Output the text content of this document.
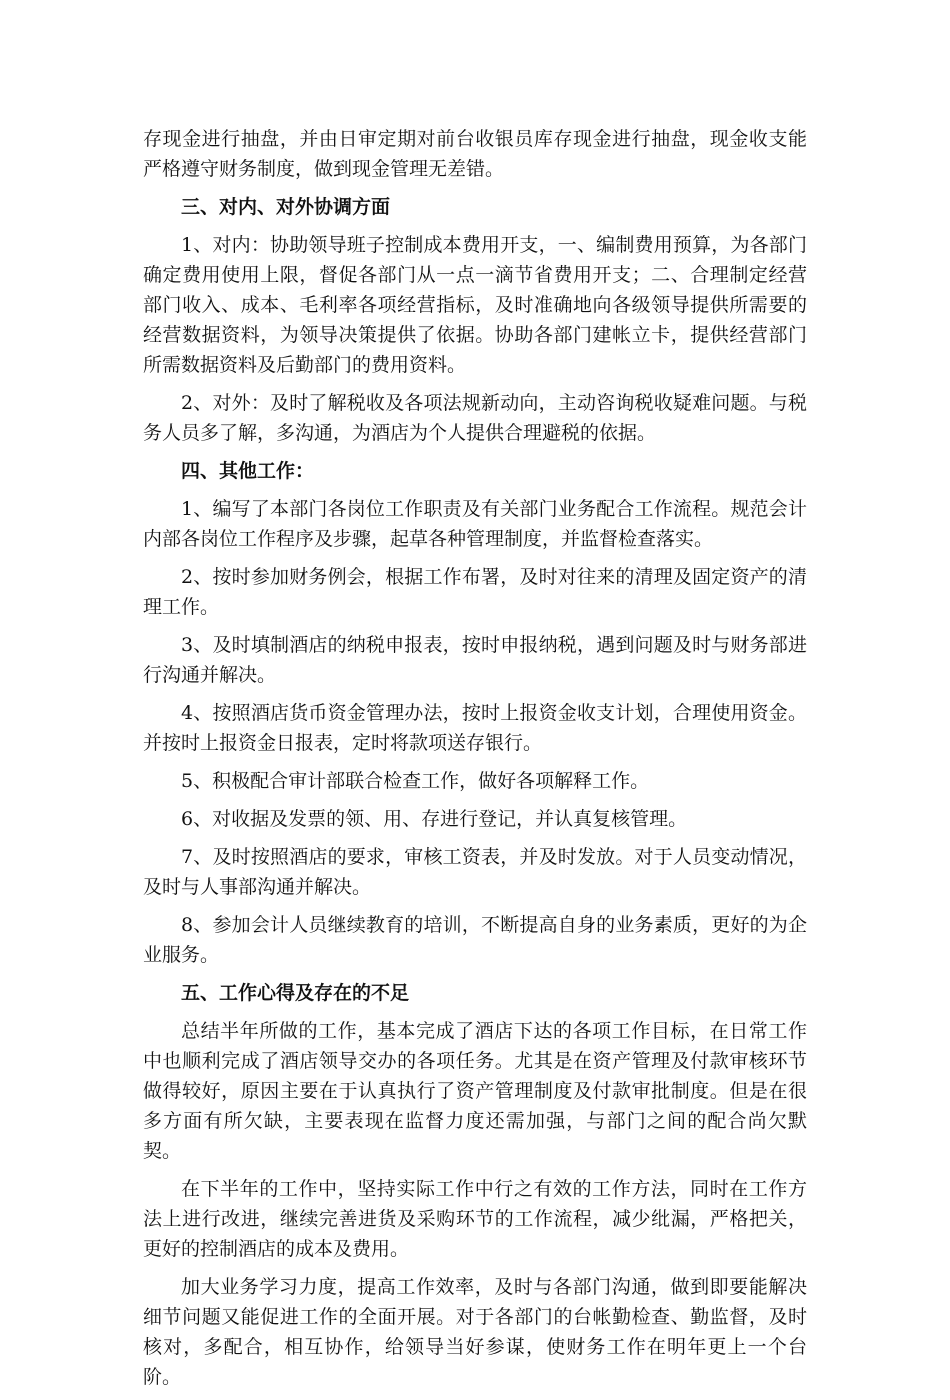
存现金进行抽盘，并由日审定期对前台收银员库存现金进行抽盘，现金收支能严格遵守财务制度，做到现金管理无差错。

三、对内、对外协调方面

1、对内：协助领导班子控制成本费用开支，一、编制费用预算，为各部门确定费用使用上限，督促各部门从一点一滴节省费用开支；二、合理制定经营部门收入、成本、毛利率各项经营指标，及时准确地向各级领导提供所需要的经营数据资料，为领导决策提供了依据。协助各部门建帐立卡，提供经营部门所需数据资料及后勤部门的费用资料。

2、对外：及时了解税收及各项法规新动向，主动咨询税收疑难问题。与税务人员多了解，多沟通，为酒店为个人提供合理避税的依据。

四、其他工作：

1、编写了本部门各岗位工作职责及有关部门业务配合工作流程。规范会计内部各岗位工作程序及步骤，起草各种管理制度，并监督检查落实。

2、按时参加财务例会，根据工作布署，及时对往来的清理及固定资产的清理工作。

3、及时填制酒店的纳税申报表，按时申报纳税，遇到问题及时与财务部进行沟通并解决。

4、按照酒店货币资金管理办法，按时上报资金收支计划，合理使用资金。并按时上报资金日报表，定时将款项送存银行。

5、积极配合审计部联合检查工作，做好各项解释工作。

6、对收据及发票的领、用、存进行登记，并认真复核管理。

7、及时按照酒店的要求，审核工资表，并及时发放。对于人员变动情况，及时与人事部沟通并解决。

8、参加会计人员继续教育的培训，不断提高自身的业务素质，更好的为企业服务。

五、工作心得及存在的不足

总结半年所做的工作，基本完成了酒店下达的各项工作目标，在日常工作中也顺利完成了酒店领导交办的各项任务。尤其是在资产管理及付款审核环节做得较好，原因主要在于认真执行了资产管理制度及付款审批制度。但是在很多方面有所欠缺，主要表现在监督力度还需加强，与部门之间的配合尚欠默契。

在下半年的工作中，坚持实际工作中行之有效的工作方法，同时在工作方法上进行改进，继续完善进货及采购环节的工作流程，减少纰漏，严格把关，更好的控制酒店的成本及费用。

加大业务学习力度，提高工作效率，及时与各部门沟通，做到即要能解决细节问题又能促进工作的全面开展。对于各部门的台帐勤检查、勤监督，及时核对，多配合，相互协作，给领导当好参谋，使财务工作在明年更上一个台阶。
